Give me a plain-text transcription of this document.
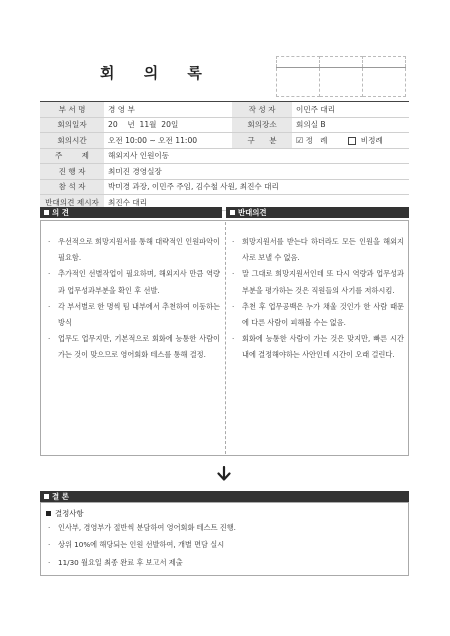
회 의 록

부 서 명	경 영 부	작 성 자	이민주 대리
회의일자	20    년  11월  20일	회의장소	회의실 B
회의시간	오전 10:00 ~ 오전 11:00	구      분	☑ 정   례 비정례
주        제	해외지사 인원이동		
진 행 자	최미진 경영실장		
참 석 자	박미경 과장, 이민주 주임, 김수철 사원, 최진수 대리		
반대의견 제시자	최진수 대리		
의 견	반대의견
· 우선적으로 희망지원서를 통해 대략적인 인원파악이 필요함.
· 추가적인 선별작업이 필요하며, 해외지사 만큼 역량과 업무성과부분을 확인 후 선발.
· 각 부서별로 한 명씩 팀 내부에서 추천하여 이동하는 방식
· 업무도 업무지만, 기본적으로 회화에 능통한 사람이 가는 것이 맞으므로 영어회화 테스를 통해 결정.
· 희망지원서를 받는다 하더라도 모든 인원을 해외지사로 보낼 수 없음.
· 말 그대로 희망지원서인데 또 다시 역량과 업무성과 부분을 평가하는 것은 직원들의 사기를 저하시킴.
· 추천 후 업무공백은 누가 채울 것인가 한 사람 때문에 다른 사람이 피해볼 수는 없음.
· 회화에 능통한 사람이 가는 것은 맞지만, 빠른 시간 내에 결정해야하는 사안인데 시간이 오래 걸린다.
결 론
결정사항
· 인사부, 경영부가 절반씩 분담하여 영어회화 테스트 진행.
· 상위 10%에 해당되는 인원 선발하여, 개별 면담 실시
· 11/30 월요일 최종 완료 후 보고서 제출
